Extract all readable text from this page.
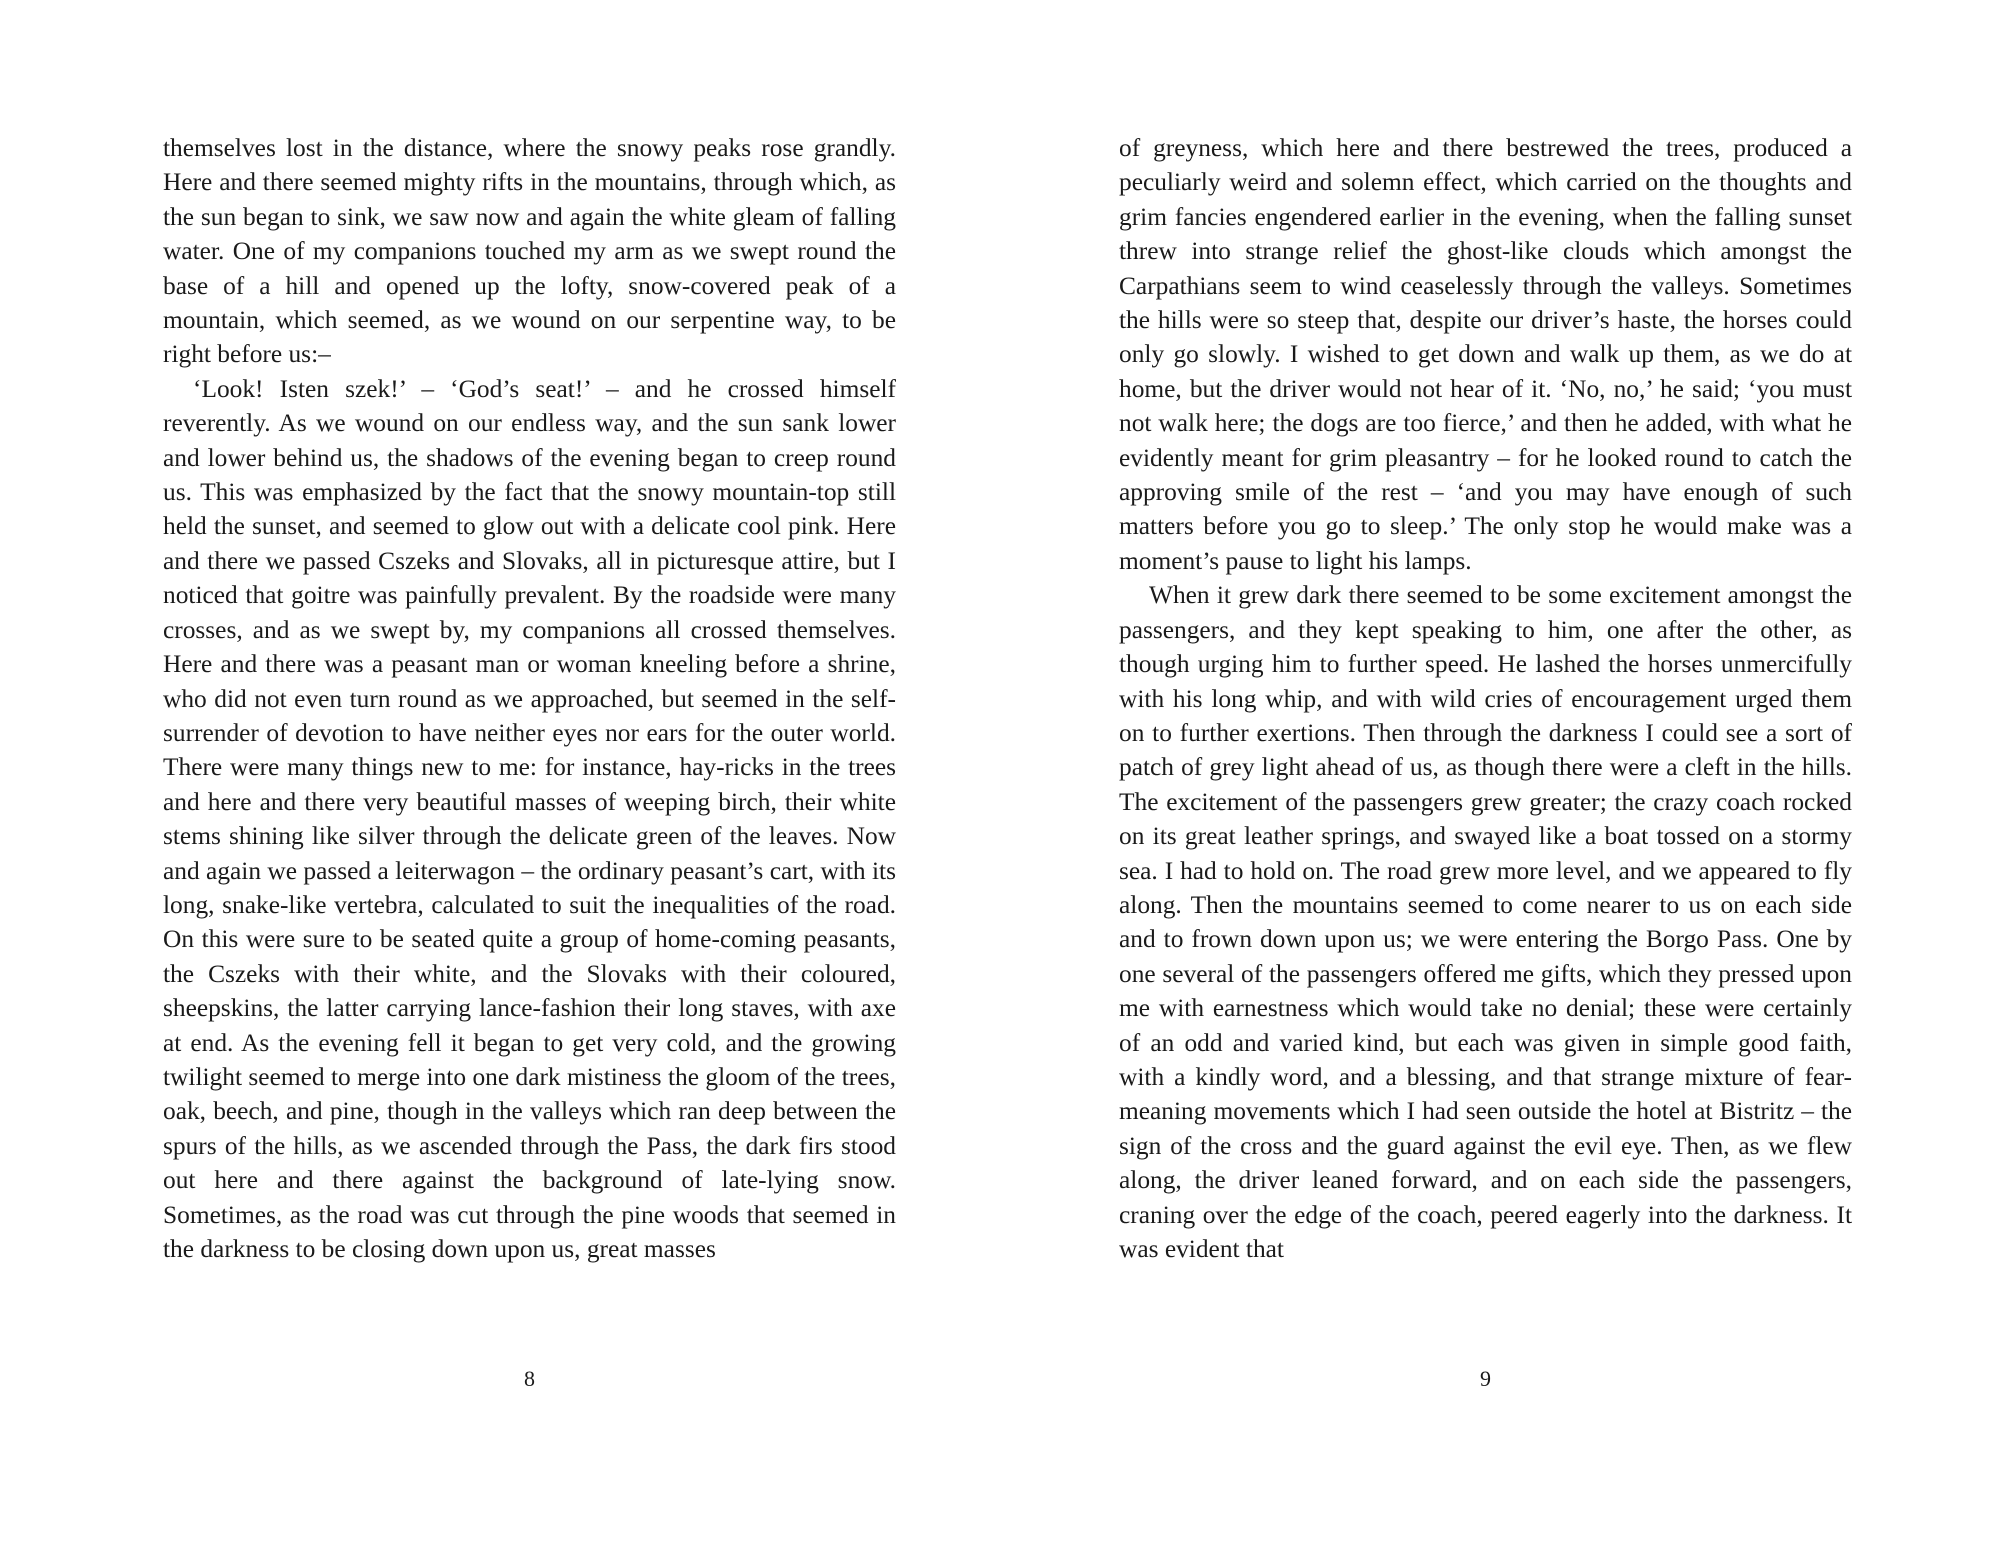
themselves lost in the distance, where the snowy peaks rose grandly. Here and there seemed mighty rifts in the mountains, through which, as the sun began to sink, we saw now and again the white gleam of falling water. One of my companions touched my arm as we swept round the base of a hill and opened up the lofty, snow-covered peak of a mountain, which seemed, as we wound on our serpentine way, to be right before us:–

‘Look! Isten szek!’ – ‘God’s seat!’ – and he crossed himself reverently. As we wound on our endless way, and the sun sank lower and lower behind us, the shadows of the evening began to creep round us. This was emphasized by the fact that the snowy mountain-top still held the sunset, and seemed to glow out with a delicate cool pink. Here and there we passed Cszeks and Slovaks, all in picturesque attire, but I noticed that goitre was painfully prevalent. By the roadside were many crosses, and as we swept by, my companions all crossed themselves. Here and there was a peasant man or woman kneeling before a shrine, who did not even turn round as we approached, but seemed in the self-surrender of devotion to have neither eyes nor ears for the outer world. There were many things new to me: for instance, hay-ricks in the trees and here and there very beautiful masses of weeping birch, their white stems shining like silver through the delicate green of the leaves. Now and again we passed a leiterwagon – the ordinary peasant’s cart, with its long, snake-like vertebra, calculated to suit the inequalities of the road. On this were sure to be seated quite a group of home-coming peasants, the Cszeks with their white, and the Slovaks with their coloured, sheepskins, the latter carrying lance-fashion their long staves, with axe at end. As the evening fell it began to get very cold, and the growing twilight seemed to merge into one dark mistiness the gloom of the trees, oak, beech, and pine, though in the valleys which ran deep between the spurs of the hills, as we ascended through the Pass, the dark firs stood out here and there against the background of late-lying snow. Sometimes, as the road was cut through the pine woods that seemed in the darkness to be closing down upon us, great masses

8

of greyness, which here and there bestrewed the trees, produced a peculiarly weird and solemn effect, which carried on the thoughts and grim fancies engendered earlier in the evening, when the falling sunset threw into strange relief the ghost-like clouds which amongst the Carpathians seem to wind ceaselessly through the valleys. Sometimes the hills were so steep that, despite our driver’s haste, the horses could only go slowly. I wished to get down and walk up them, as we do at home, but the driver would not hear of it. ‘No, no,’ he said; ‘you must not walk here; the dogs are too fierce,’ and then he added, with what he evidently meant for grim pleasantry – for he looked round to catch the approving smile of the rest – ‘and you may have enough of such matters before you go to sleep.’ The only stop he would make was a moment’s pause to light his lamps.

When it grew dark there seemed to be some excitement amongst the passengers, and they kept speaking to him, one after the other, as though urging him to further speed. He lashed the horses unmercifully with his long whip, and with wild cries of encouragement urged them on to further exertions. Then through the darkness I could see a sort of patch of grey light ahead of us, as though there were a cleft in the hills. The excitement of the passengers grew greater; the crazy coach rocked on its great leather springs, and swayed like a boat tossed on a stormy sea. I had to hold on. The road grew more level, and we appeared to fly along. Then the mountains seemed to come nearer to us on each side and to frown down upon us; we were entering the Borgo Pass. One by one several of the passengers offered me gifts, which they pressed upon me with earnestness which would take no denial; these were certainly of an odd and varied kind, but each was given in simple good faith, with a kindly word, and a blessing, and that strange mixture of fear-meaning movements which I had seen outside the hotel at Bistritz – the sign of the cross and the guard against the evil eye. Then, as we flew along, the driver leaned forward, and on each side the passengers, craning over the edge of the coach, peered eagerly into the darkness. It was evident that

9
